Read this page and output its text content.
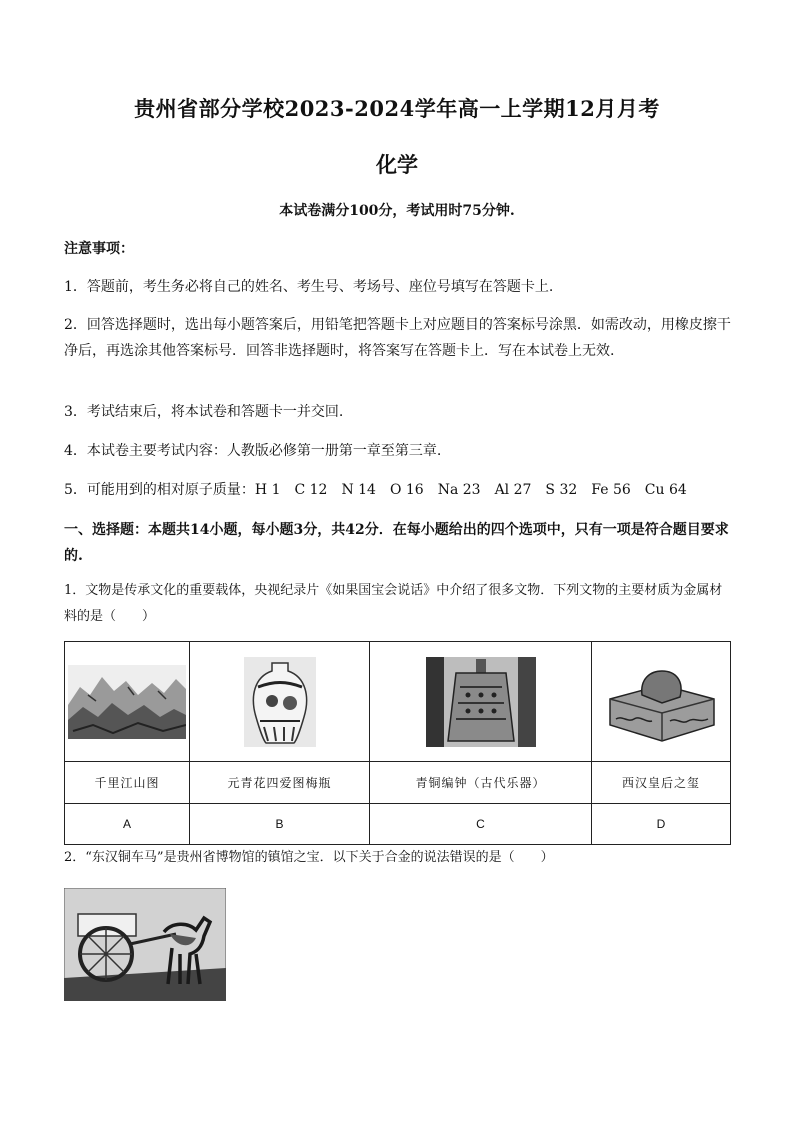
贵州省部分学校2023-2024学年高一上学期12月月考
化学
本试卷满分100分，考试用时75分钟.
注意事项：
1．答题前，考生务必将自己的姓名、考生号、考场号、座位号填写在答题卡上.
2．回答选择题时，选出每小题答案后，用铅笔把答题卡上对应题目的答案标号涂黑．如需改动，用橡皮擦干净后，再选涂其他答案标号．回答非选择题时，将答案写在答题卡上．写在本试卷上无效.
3．考试结束后，将本试卷和答题卡一并交回.
4．本试卷主要考试内容：人教版必修第一册第一章至第三章.
5．可能用到的相对原子质量：H 1　C 12　N 14　O 16　Na 23　Al 27　S 32　Fe 56　Cu 64
一、选择题：本题共14小题，每小题3分，共42分．在每小题给出的四个选项中，只有一项是符合题目要求的.
1．文物是传承文化的重要载体，央视纪录片《如果国宝会说话》中介绍了很多文物．下列文物的主要材质为金属材料的是（　　）

千里江山图	元青花四爱图梅瓶	青铜编钟（古代乐器）	西汉皇后之玺
A	B	C	D
2．“东汉铜车马”是贵州省博物馆的镇馆之宝．以下关于合金的说法错误的是（　　）
